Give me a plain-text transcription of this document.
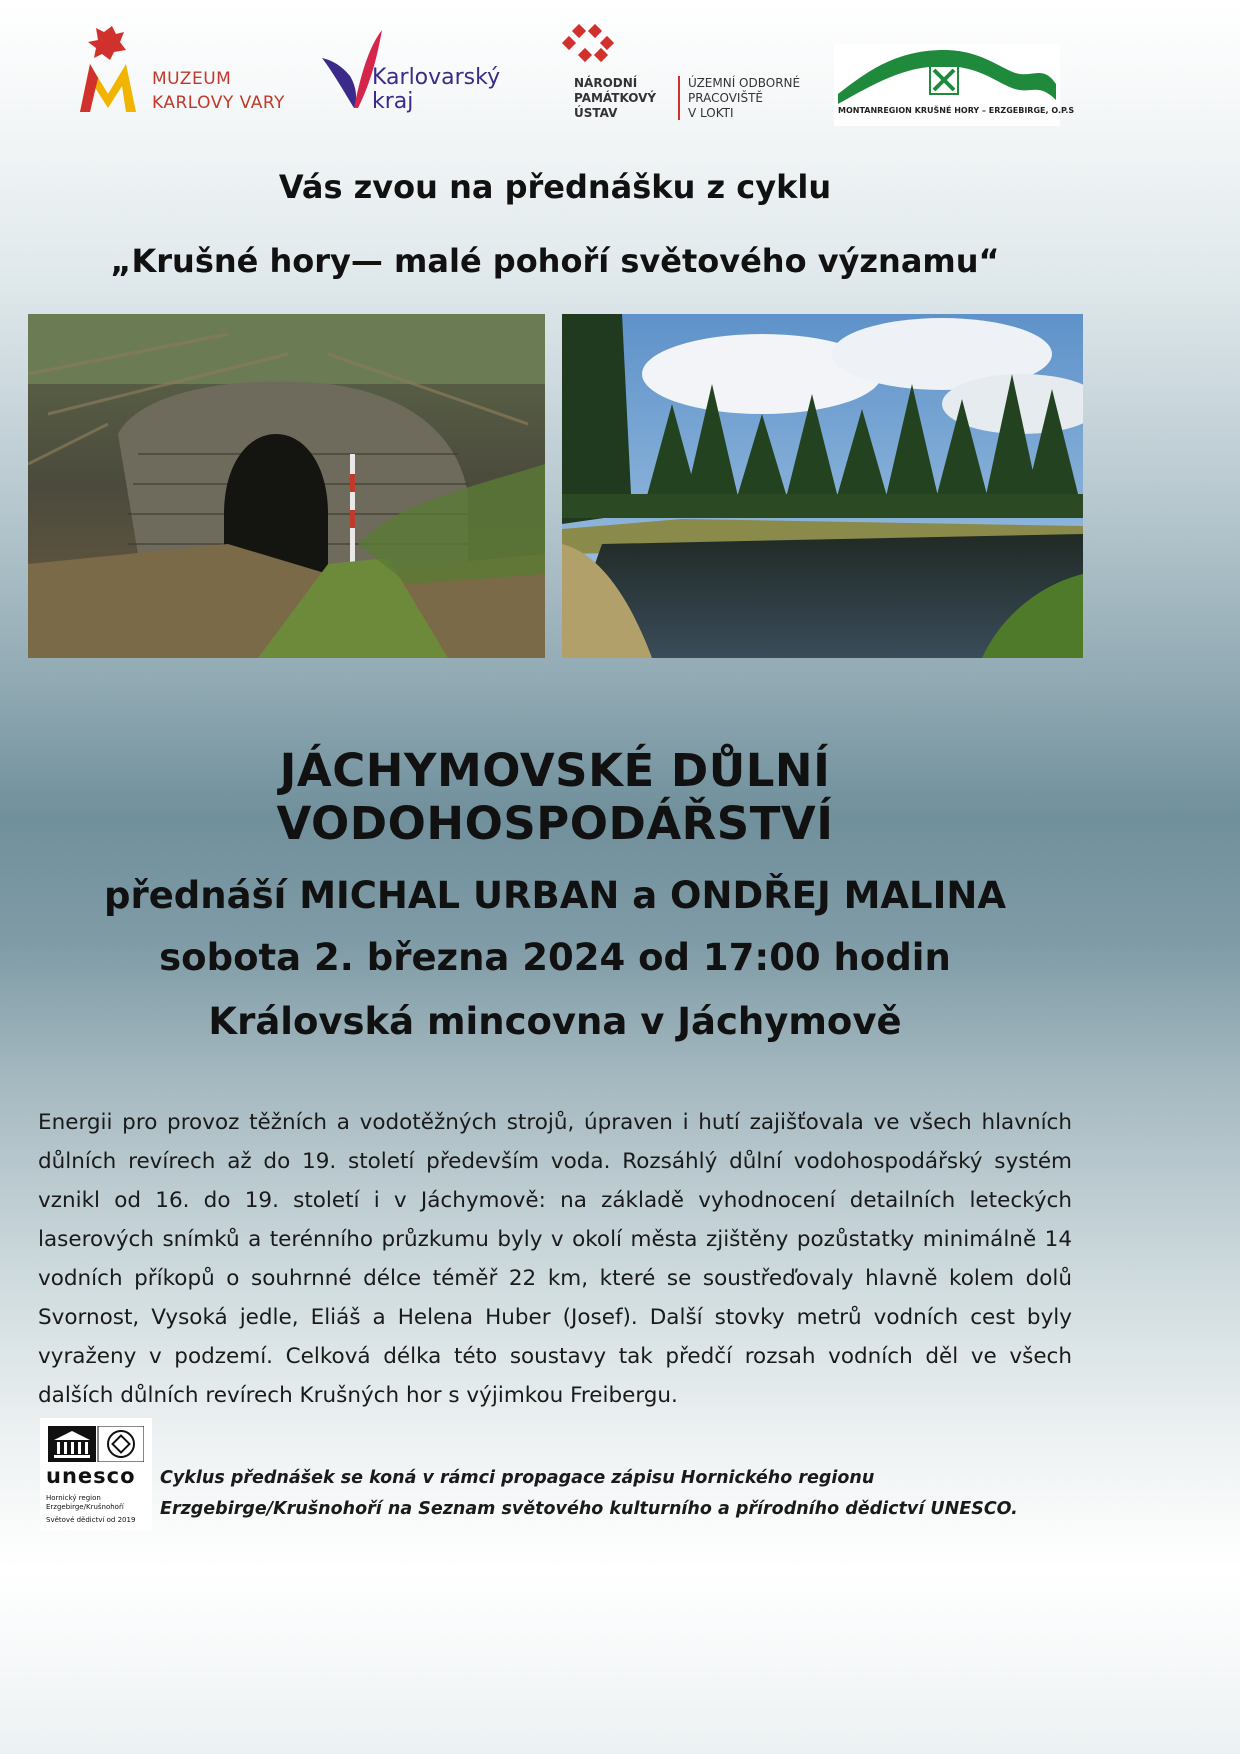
MUZEUM
KARLOVY VARY
Karlovarský
kraj
NÁRODNÍ
PAMÁTKOVÝ
ÚSTAV
ÚZEMNÍ ODBORNÉ
PRACOVIŠTĚ
V LOKTI	MONTANREGION KRUŠNÉ HORY – ERZGEBIRGE, O.P.S
Vás zvou na přednášku z cyklu
„Krušné hory— malé pohoří světového významu“
JÁCHYMOVSKÉ DŮLNÍ VODOHOSPODÁŘSTVÍ
přednáší MICHAL URBAN a ONDŘEJ MALINA
sobota 2. března 2024 od 17:00 hodin
Královská mincovna v Jáchymově
Energii pro provoz těžních a vodotěžných strojů, úpraven i hutí zajišťovala ve všech hlavních důlních revírech až do 19. století především voda. Rozsáhlý důlní vodohospodářský systém vznikl od 16. do 19. století i v Jáchymově: na základě vyhodnocení detailních leteckých laserových snímků a terénního průzkumu byly v okolí města zjištěny pozůstatky minimálně 14 vodních příkopů o souhrnné délce téměř 22 km, které se soustřeďovaly hlavně kolem dolů Svornost, Vysoká jedle, Eliáš a Helena Huber (Josef). Další stovky metrů vodních cest byly vyraženy v podzemí. Celková délka této soustavy tak předčí rozsah vodních děl ve všech dalších důlních revírech Krušných hor s výjimkou Freibergu.
unesco
Hornický region
Erzgebirge/Krušnohoří
Světové dědictví od 2019
Cyklus přednášek se koná v rámci propagace zápisu Hornického regionu Erzgebirge/Krušnohoří na Seznam světového kulturního a přírodního dědictví UNESCO.
